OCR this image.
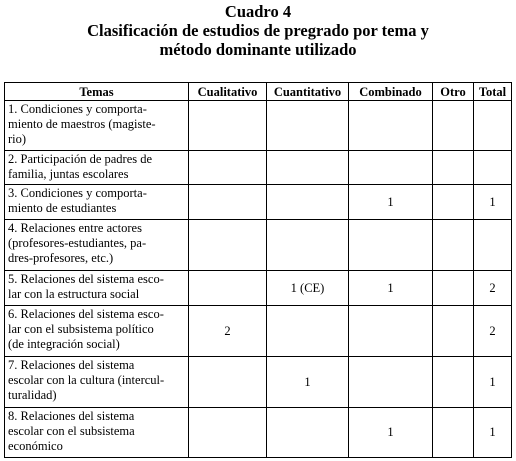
Cuadro 4
Clasificación de estudios de pregrado por tema y
método dominante utilizado
Temas	Cualitativo	Cuantitativo	Combinado	Otro	Total

1. Condiciones y comporta-
miento de maestros (magiste-
rio)					

2. Participación de padres de
familia, juntas escolares					

3. Condiciones y comporta-
miento de estudiantes			1		1

4. Relaciones entre actores
(profesores-estudiantes, pa-
dres-profesores, etc.)					

5. Relaciones del sistema esco-
lar con la estructura social		1 (CE)	1		2

6. Relaciones del sistema esco-
lar con el subsistema político
(de integración social)	2				2

7. Relaciones del sistema
escolar con la cultura (intercul-
turalidad)		1			1

8. Relaciones del sistema
escolar con el subsistema
económico			1		1
